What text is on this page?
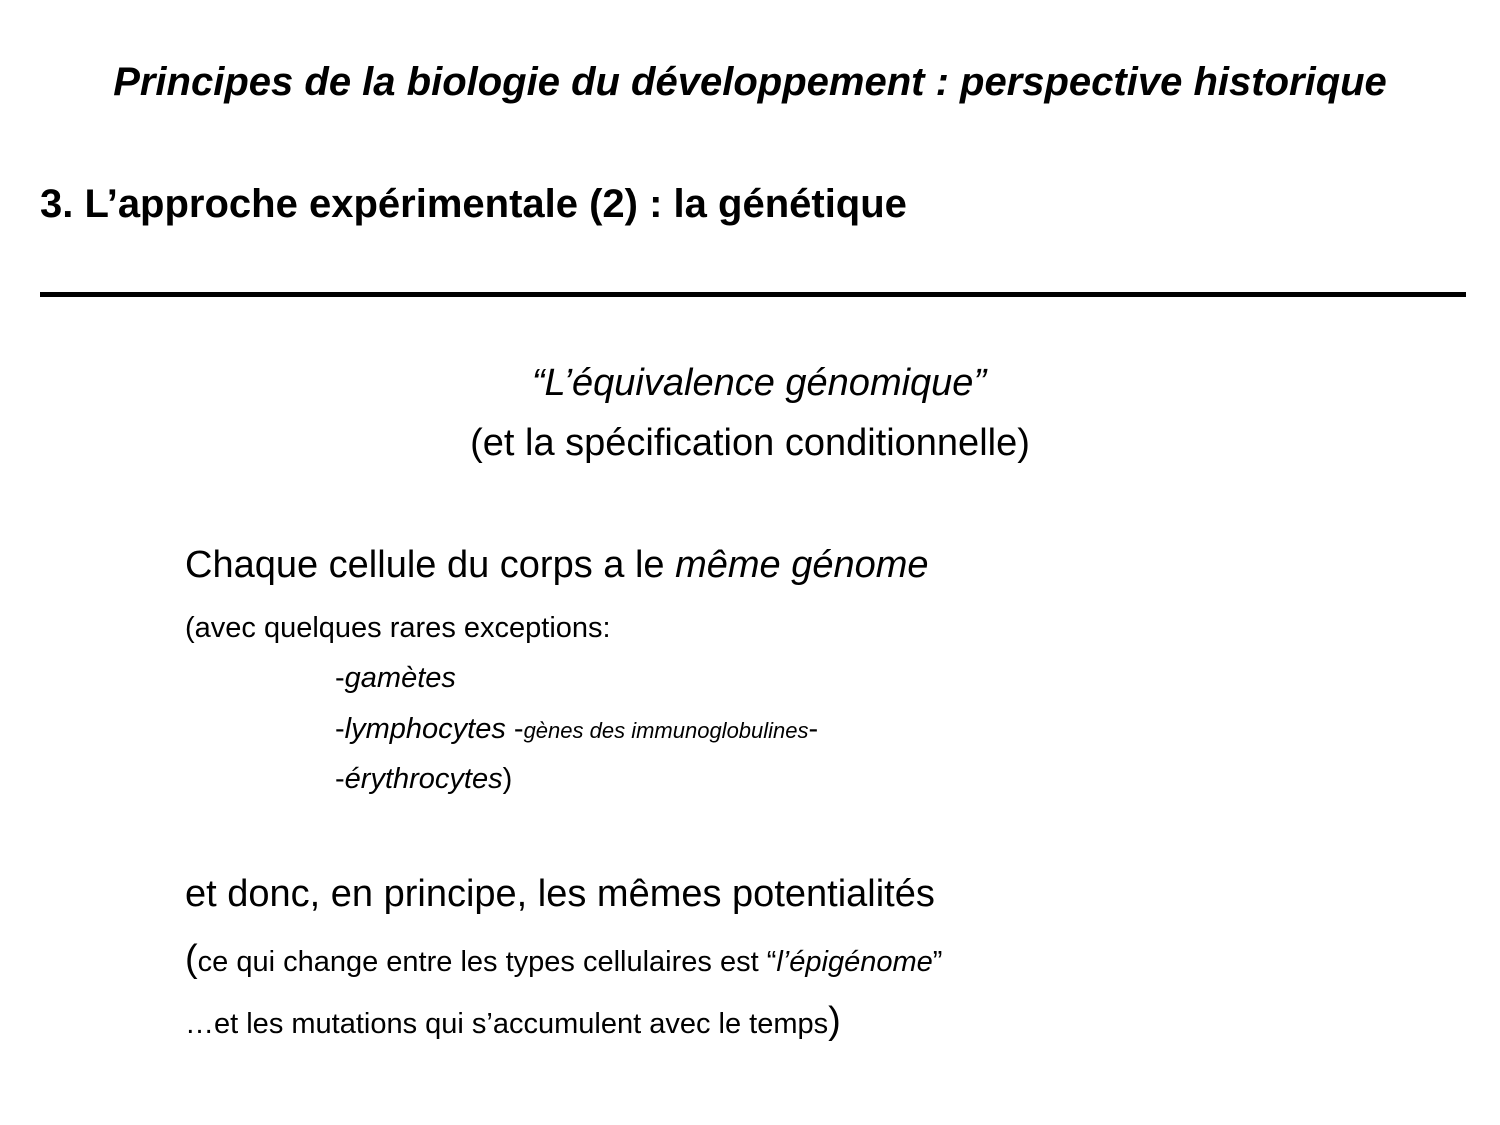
Principes de la biologie du développement : perspective historique
3. L’approche expérimentale (2) : la génétique
“L’équivalence génomique”
(et la spécification conditionnelle)
Chaque cellule du corps a le même génome
(avec quelques rares exceptions:
-gamètes
-lymphocytes -gènes des immunoglobulines-
-érythrocytes)
et donc, en principe, les mêmes potentialités
(ce qui change entre les types cellulaires est “l’épigénome”
…et les mutations qui s’accumulent avec le temps)
